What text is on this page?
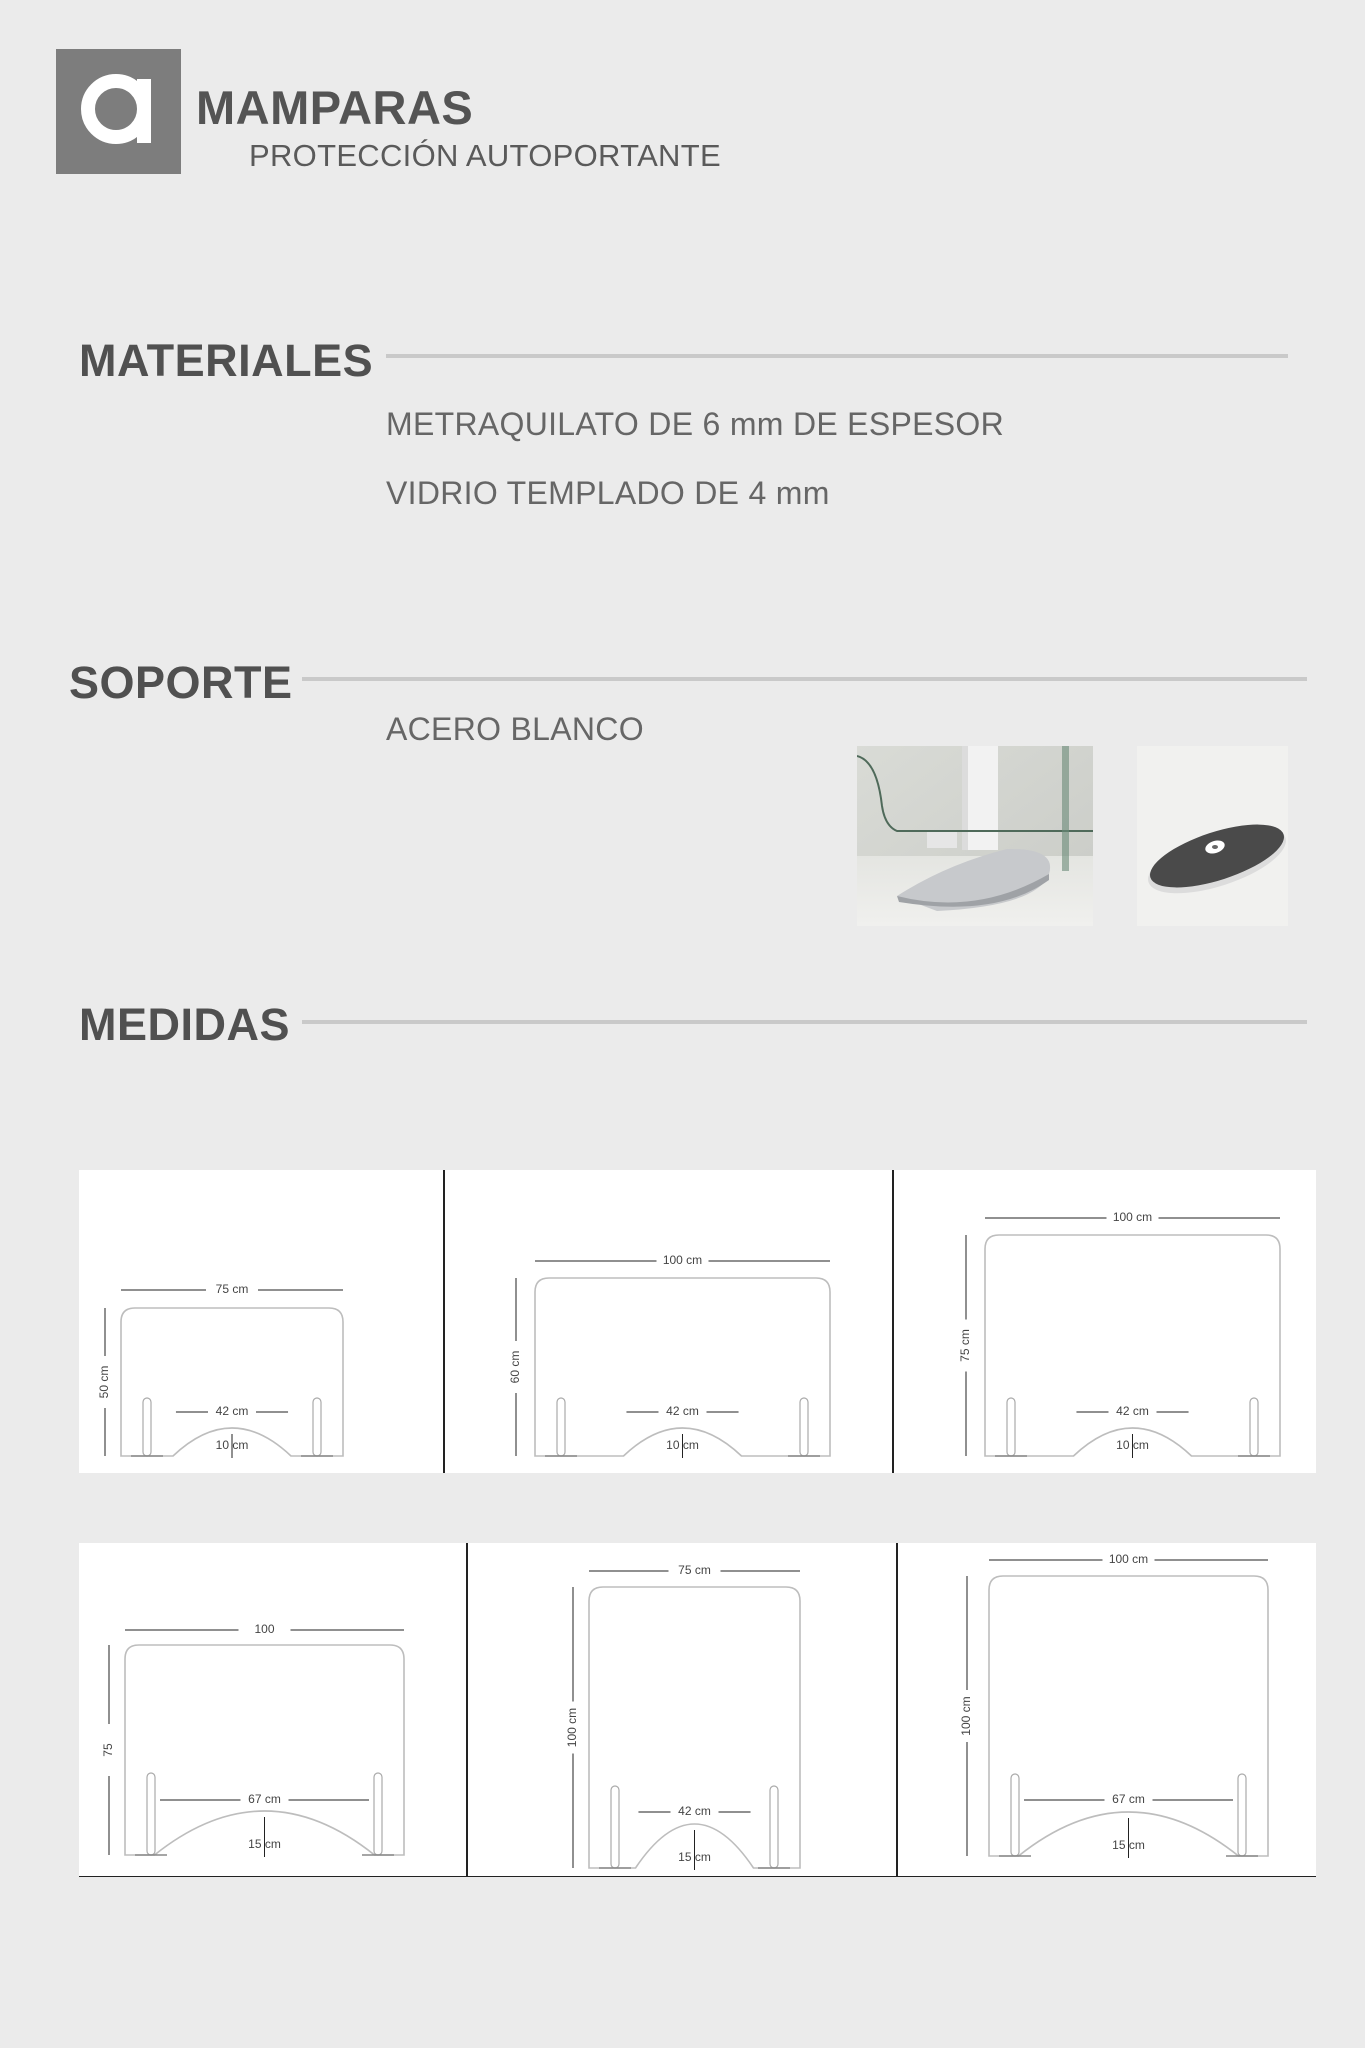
MAMPARAS
PROTECCIÓN AUTOPORTANTE
MATERIALES
METRAQUILATO DE 6 mm DE ESPESOR
VIDRIO TEMPLADO DE 4 mm
SOPORTE
ACERO BLANCO
MEDIDAS
75 cm
50 cm
42 cm
10 cm
100 cm
60 cm
42 cm
10 cm
100 cm
75 cm
42 cm
10 cm
100
75
67 cm
15 cm
75 cm
100 cm
42 cm
15 cm
100 cm
100 cm
67 cm
15 cm
